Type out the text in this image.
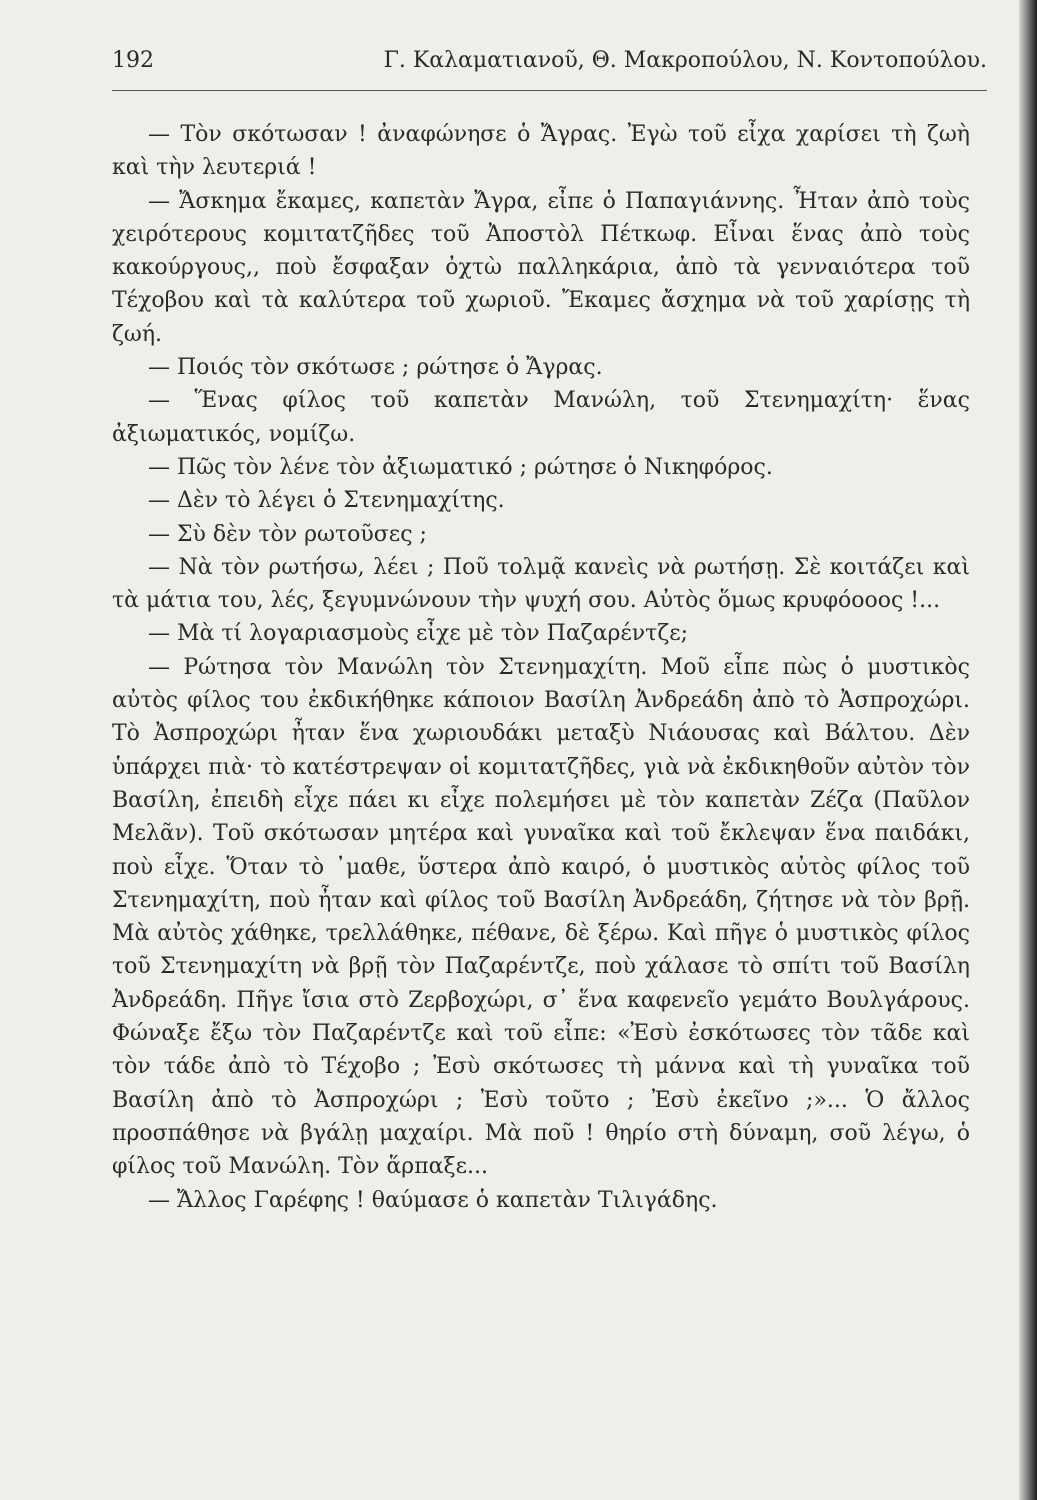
192	Γ. Καλαματιανοῦ, Θ. Μακροπούλου, Ν. Κοντοπούλου.

— Τὸν σκότωσαν ! ἀναφώνησε ὁ Ἄγρας. Ἐγὼ τοῦ εἶχα χαρίσει τὴ ζωὴ καὶ τὴν λευτεριά !

— Ἄσκημα ἔκαμες, καπετὰν Ἄγρα, εἶπε ὁ Παπαγιάννης. Ἦταν ἀπὸ τοὺς χειρότερους κομιτατζῆδες τοῦ Ἀποστὸλ Πέτκωφ. Εἶναι ἕνας ἀπὸ τοὺς κακούργους,, ποὺ ἔσφαξαν ὀχτὼ παλληκάρια, ἀπὸ τὰ γενναιότερα τοῦ Τέχοβου καὶ τὰ καλύτερα τοῦ χωριοῦ. Ἔκαμες ἄσχημα νὰ τοῦ χαρίσῃς τὴ ζωή.

— Ποιός τὸν σκότωσε ; ρώτησε ὁ Ἄγρας.

— Ἕνας φίλος τοῦ καπετὰν Μανώλη, τοῦ Στενημαχίτη· ἕνας ἀξιωματικός, νομίζω.

— Πῶς τὸν λένε τὸν ἀξιωματικό ; ρώτησε ὁ Νικηφόρος.

— Δὲν τὸ λέγει ὁ Στενημαχίτης.

— Σὺ δὲν τὸν ρωτοῦσες ;

— Νὰ τὸν ρωτήσω, λέει ; Ποῦ τολμᾷ κανεὶς νὰ ρωτήσῃ. Σὲ κοιτάζει καὶ τὰ μάτια του, λές, ξεγυμνώνουν τὴν ψυχή σου. Αὐτὸς ὅμως κρυφόοοος !...

— Μὰ τί λογαριασμοὺς εἶχε μὲ τὸν Παζαρέντζε;

— Ρώτησα τὸν Μανώλη τὸν Στενημαχίτη. Μοῦ εἶπε πὼς ὁ μυστικὸς αὐτὸς φίλος του ἐκδικήθηκε κάποιον Βασίλη Ἀνδρεάδη ἀπὸ τὸ Ἀσπροχώρι. Τὸ Ἀσπροχώρι ἦταν ἕνα χωριουδάκι μεταξὺ Νιάουσας καὶ Βάλτου. Δὲν ὑπάρχει πιὰ· τὸ κατέστρεψαν οἱ κομιτατζῆδες, γιὰ νὰ ἐκδικηθοῦν αὐτὸν τὸν Βασίλη, ἐπειδὴ εἶχε πάει κι εἶχε πολεμήσει μὲ τὸν καπετὰν Ζέζα (Παῦλον Μελᾶν). Τοῦ σκότωσαν μητέρα καὶ γυναῖκα καὶ τοῦ ἔκλεψαν ἕνα παιδάκι, ποὺ εἶχε. Ὅταν τὸ ᾽μαθε, ὕστερα ἀπὸ καιρό, ὁ μυστικὸς αὐτὸς φίλος τοῦ Στενημαχίτη, ποὺ ἦταν καὶ φίλος τοῦ Βασίλη Ἀνδρεάδη, ζήτησε νὰ τὸν βρῇ. Μὰ αὐτὸς χάθηκε, τρελλάθηκε, πέθανε, δὲ ξέρω. Καὶ πῆγε ὁ μυστικὸς φίλος τοῦ Στενημαχίτη νὰ βρῇ τὸν Παζαρέντζε, ποὺ χάλασε τὸ σπίτι τοῦ Βασίλη Ἀνδρεάδη. Πῆγε ἴσια στὸ Ζερβοχώρι, σ᾽ ἕνα καφενεῖο γεμάτο Βουλγάρους. Φώναξε ἔξω τὸν Παζαρέντζε καὶ τοῦ εἶπε: «Ἐσὺ ἐσκότωσες τὸν τᾶδε καὶ τὸν τάδε ἀπὸ τὸ Τέχοβο ; Ἐσὺ σκότωσες τὴ μάννα καὶ τὴ γυναῖκα τοῦ Βασίλη ἀπὸ τὸ Ἀσπροχώρι ; Ἐσὺ τοῦτο ; Ἐσὺ ἐκεῖνο ;»... Ὁ ἄλλος προσπάθησε νὰ βγάλῃ μαχαίρι. Μὰ ποῦ ! θηρίο στὴ δύναμη, σοῦ λέγω, ὁ φίλος τοῦ Μανώλη. Τὸν ἅρπαξε...

— Ἄλλος Γαρέφης ! θαύμασε ὁ καπετὰν Τιλιγάδης.
